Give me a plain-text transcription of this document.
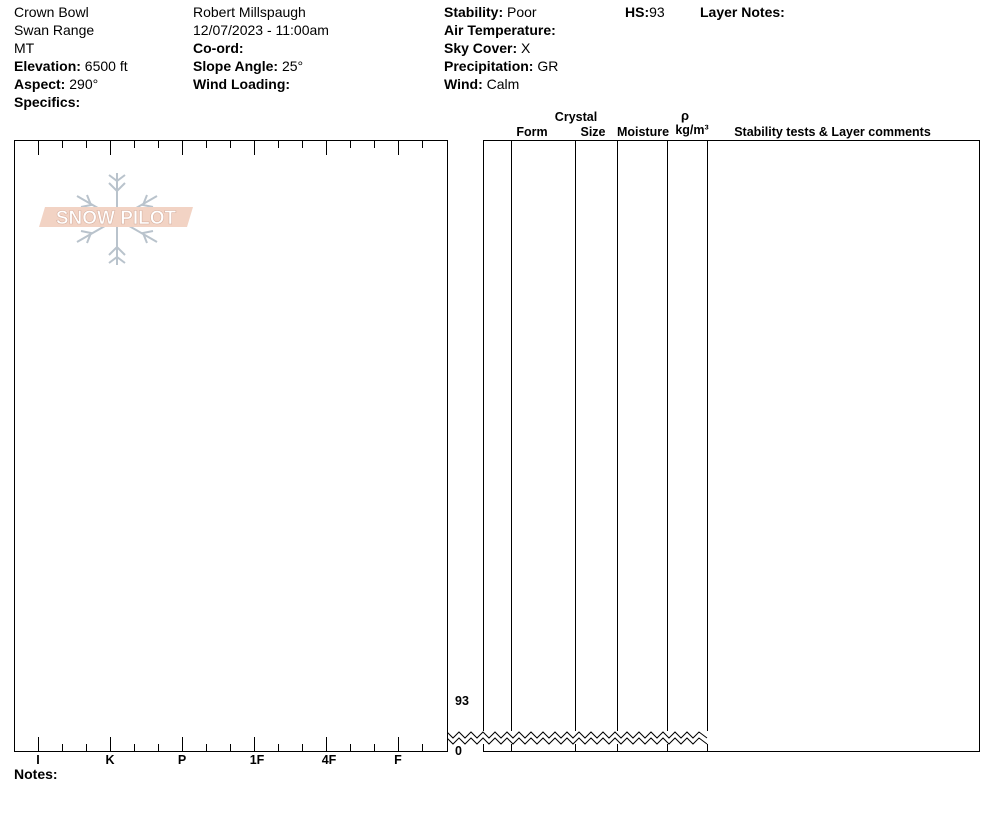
Crown Bowl
Swan Range
MT
Elevation: 6500 ft
Aspect: 290°
Specifics:
Robert Millspaugh
12/07/2023 - 11:00am
Co-ord:
Slope Angle: 25°
Wind Loading:
Stability: Poor
Air Temperature:
Sky Cover: X
Precipitation: GR
Wind: Calm
HS:93	Layer Notes:
SNOW PILOT
I	K	P	1F	4F	F
Notes:
93
0
Crystal
Form	Size Moisture
ρ
kg/m³	Stability tests & Layer comments
